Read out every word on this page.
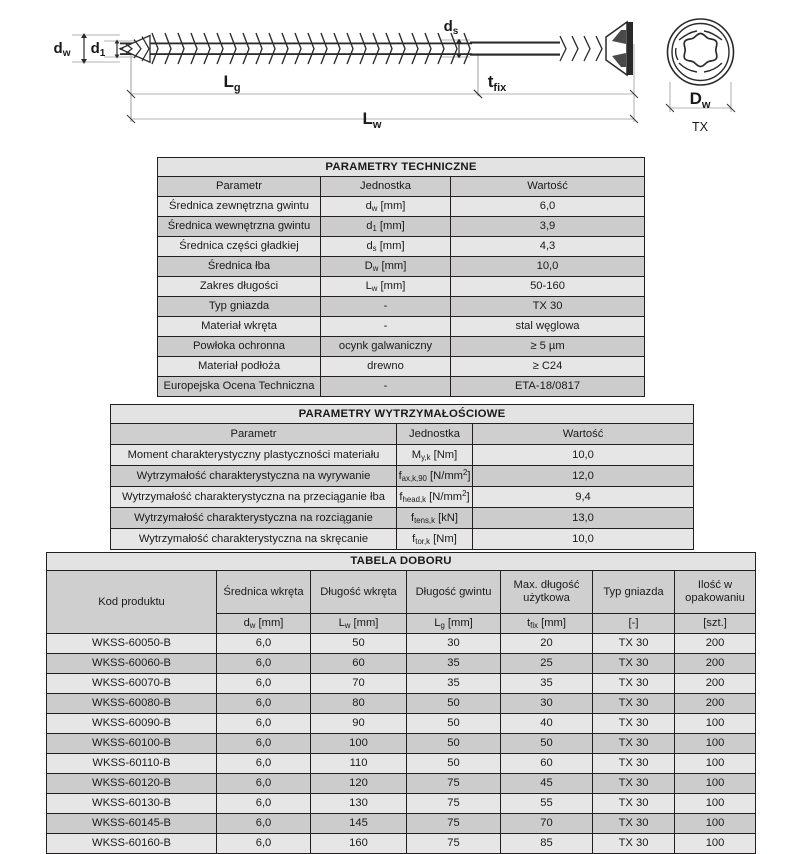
$d_w$ $d_1$
$d_s$
$L_g$	$t_{fix}$
$L_w$
$D_w$
TX
PARAMETRY TECHNICZNE		
Parametr	Jednostka	Wartość
Średnica zewnętrzna gwintu	$d_w$ [mm]	6,0
Średnica wewnętrzna gwintu	$d_1$ [mm]	3,9
Średnica części gładkiej	$d_s$ [mm]	4,3
Średnica łba	$D_w$ [mm]	10,0
Zakres długości	$L_w$ [mm]	50-160
Typ gniazda	-	TX 30
Materiał wkręta	-	stal węglowa
Powłoka ochronna	ocynk galwaniczny	≥ 5 µm
Materiał podłoża	drewno	≥ C24
Europejska Ocena Techniczna	-	ETA-18/0817
PARAMETRY WYTRZYMAŁOŚCIOWE		
Parametr	Jednostka	Wartość
Moment charakterystyczny plastyczności materiału	$M_{y,k}$ [Nm]	10,0
Wytrzymałość charakterystyczna na wyrywanie	$f_{ax,k,90}$ $[N/mm^2]$	12,0
Wytrzymałość charakterystyczna na przeciąganie łba	$f_{head,k}$ $[N/mm^2]$	9,4
Wytrzymałość charakterystyczna na rozciąganie	$f_{tens,k}$ [kN]	13,0
Wytrzymałość charakterystyczna na skręcanie	$f_{tor,k}$ [Nm]	10,0
TABELA DOBORU						
Kod produktu	Średnica wkręta	Długość wkręta	Długość gwintu	Max. długość użytkowa	Typ gniazda	Ilość w opakowaniu
	$d_w$ [mm]	$L_w$ [mm]	$L_g$ [mm]	$t_{fix}$ [mm]	[-]	[szt.]
WKSS-60050-B	6,0	50	30	20	TX 30	200
WKSS-60060-B	6,0	60	35	25	TX 30	200
WKSS-60070-B	6,0	70	35	35	TX 30	200
WKSS-60080-B	6,0	80	50	30	TX 30	200
WKSS-60090-B	6,0	90	50	40	TX 30	100
WKSS-60100-B	6,0	100	50	50	TX 30	100
WKSS-60110-B	6,0	110	50	60	TX 30	100
WKSS-60120-B	6,0	120	75	45	TX 30	100
WKSS-60130-B	6,0	130	75	55	TX 30	100
WKSS-60145-B	6,0	145	75	70	TX 30	100
WKSS-60160-B	6,0	160	75	85	TX 30	100
